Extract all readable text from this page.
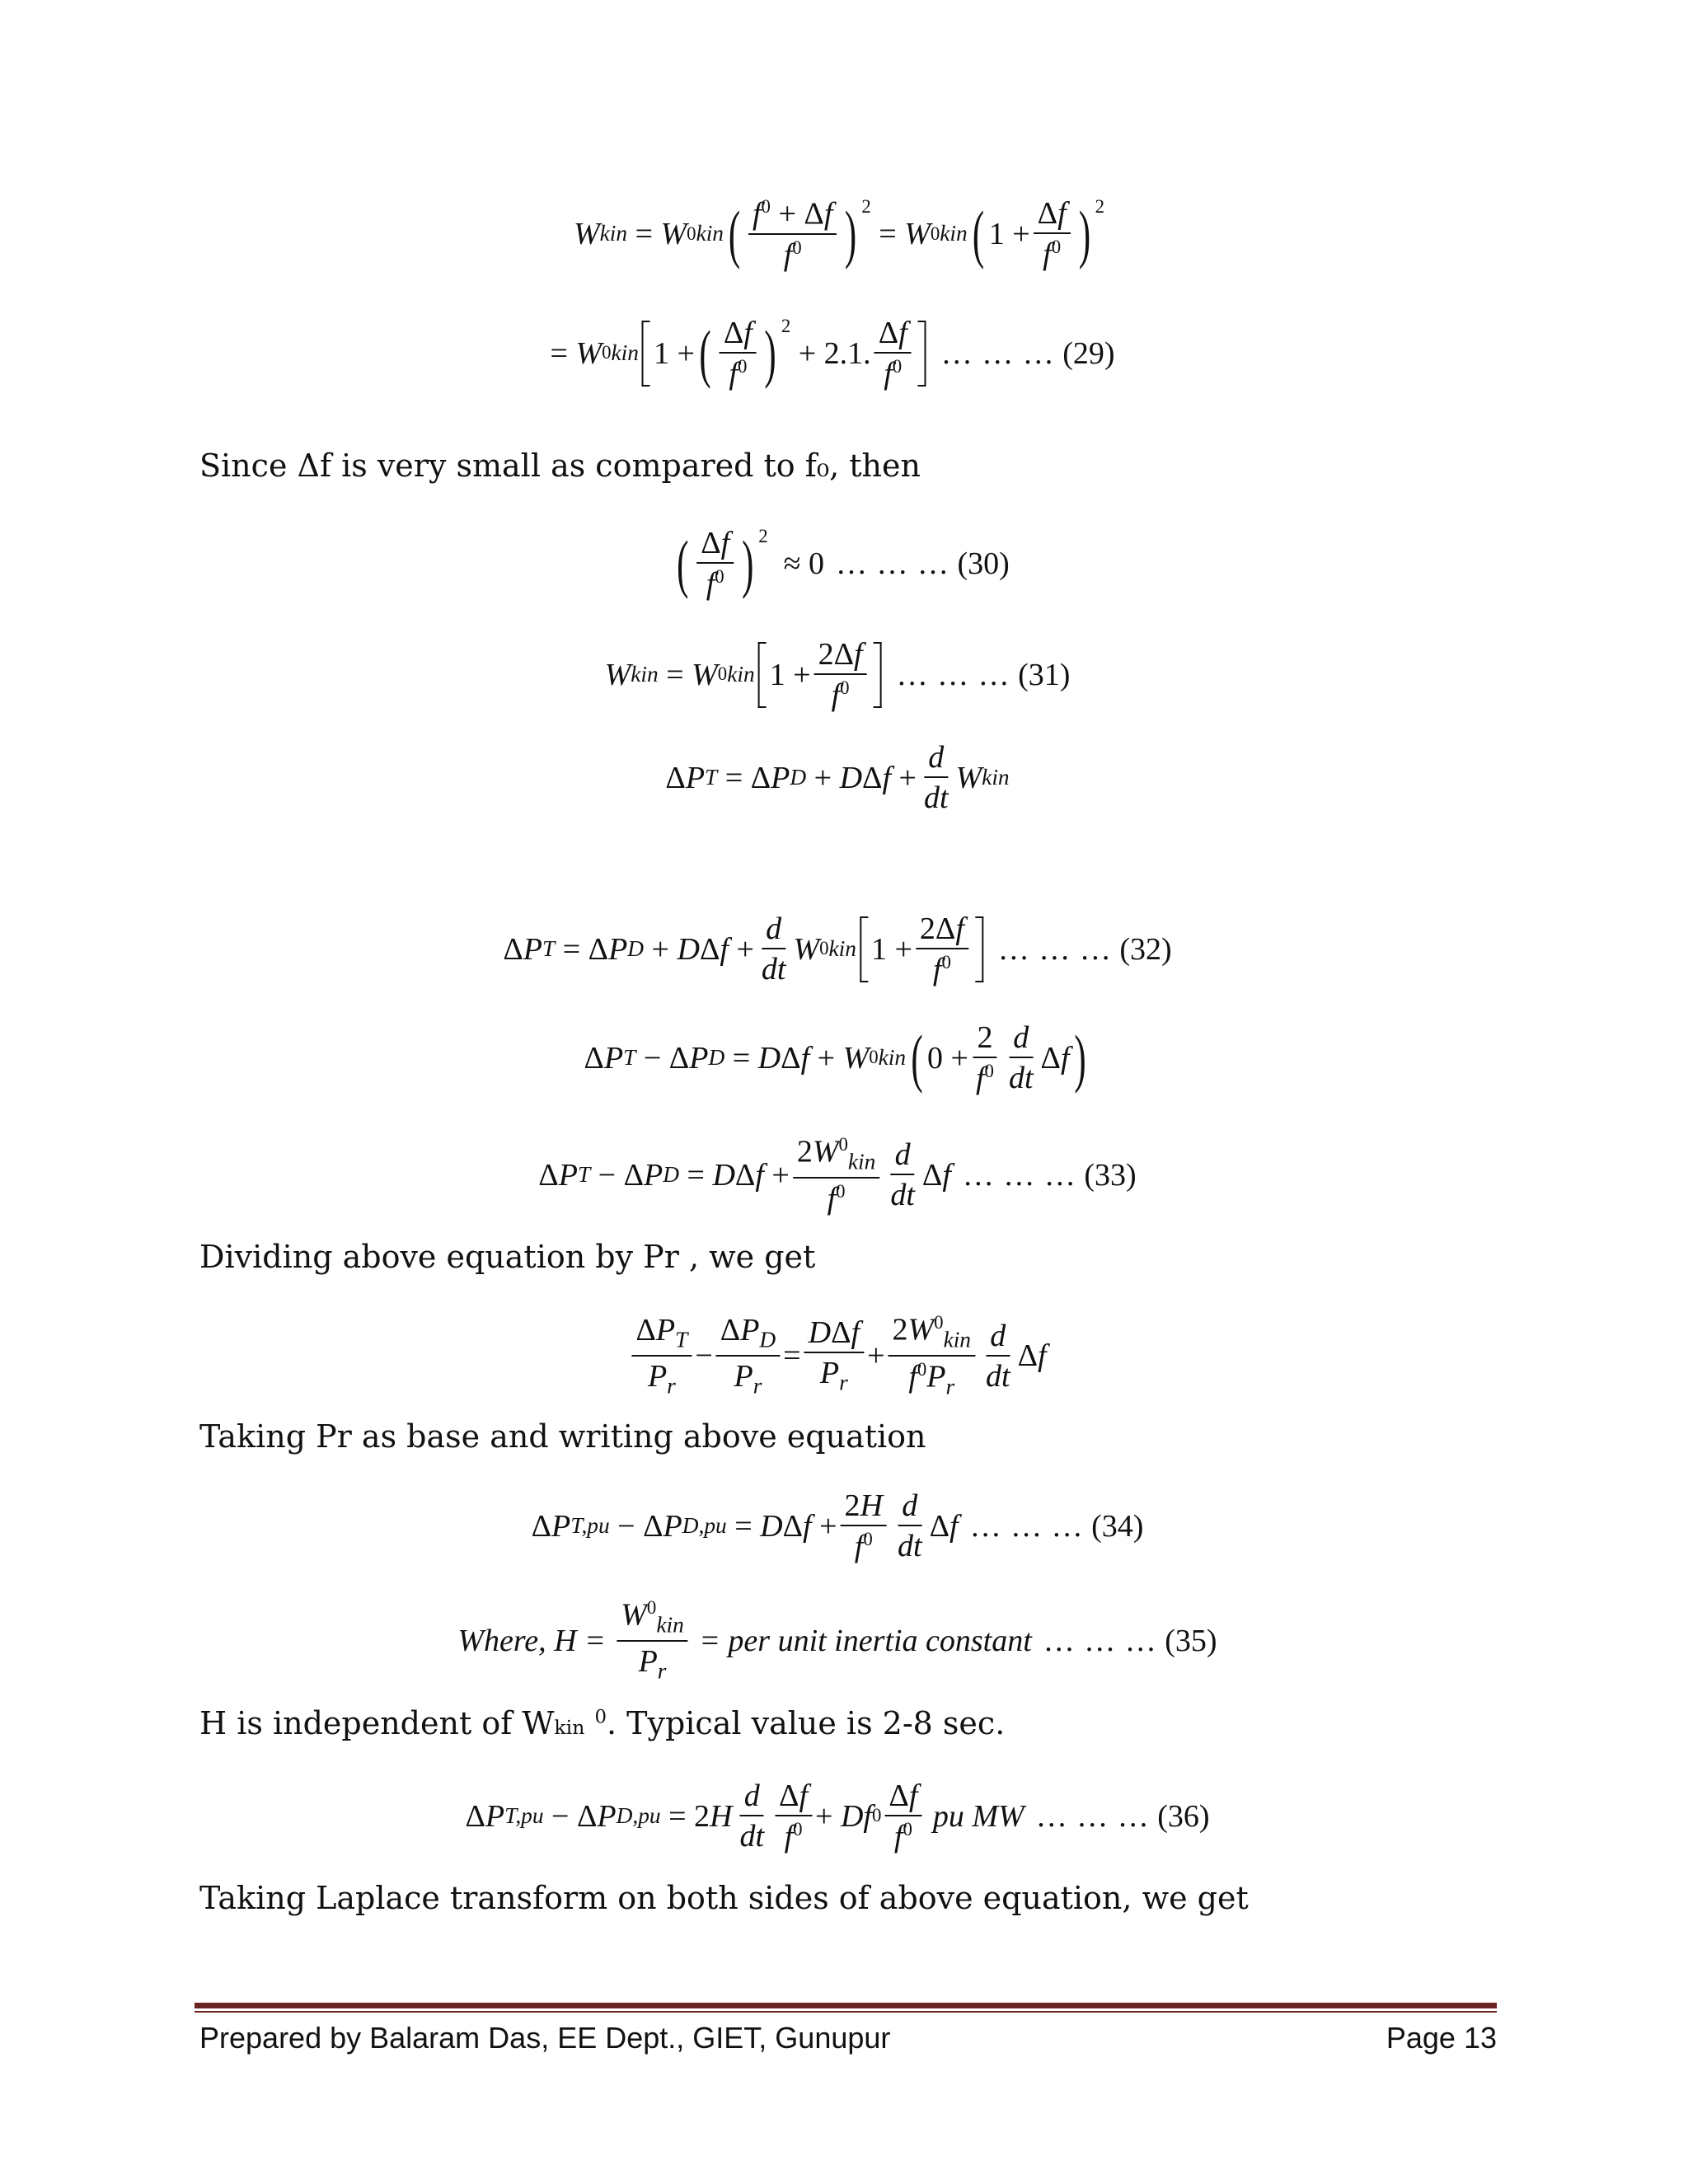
W kin = W 0 kin ( $\frac{f^0 + \Delta f}{f^0}$ ) $^2$
= W 0 kin ( $1 + \frac{\Delta f}{f^0}$ ) $^2$
= W 0 kin 1 + ( $\frac{\Delta f}{f^0}$ ) $^2$
+ 2.1. $\frac{\Delta f}{f^0}$ … … …
(29)
Since Δf is very small as compared to f₀, then
( $\frac{\Delta f}{f^0}$ ) $^2$
≈ 0 … … …
(30)
W kin = W 0 kin $1 + \frac{2\Delta f}{f^0}$ … … …
(31)
Δ P T = Δ P D + D Δ $f + \frac{d}{dt}$ W kin
Δ P T = Δ P D + D Δ $f + \frac{d}{dt}$ W 0 kin $1 + \frac{2\Delta f}{f^0}$ … … …
(32)
Δ P T − Δ P D = D Δ f + W 0 kin ( $0 + \frac{2}{f^0} \frac{d}{dt}$ Δ f )
Δ P T − Δ P D = D Δ $f + \frac{2W^0_{kin}}{f^0} \frac{d}{dt}$ Δ f … … …
(33)
Dividing above equation by Pr , we get
$\frac{\Delta P_T}{P_r} - \frac{\Delta P_D}{P_r} = \frac{\text{DΔf}}{P_r} + \frac{2W^0_{kin}}{f^0P_r} \frac{d}{dt}$ Δ f
Taking Pr as base and writing above equation
Δ P T,pu − Δ P D,pu = D Δ $f + \frac{2H}{f^0} \frac{d}{dt}$ Δ f … … …
(34)
Where, H =
$\frac{W^0_{kin}}{P_r}$
= per unit inertia constant … … …
(35)
H is independent of Wkin $^0$. Typical value is 2-8 sec.
Δ P T,pu − Δ P D,pu = 2 H $\frac{d}{dt} \frac{\Delta f}{f^0} + Df$ $0 \frac{\Delta f}{f^0}$
pu MW … … …
(36)
Taking Laplace transform on both sides of above equation, we get
Prepared by Balaram Das, EE Dept., GIET, Gunupur	Page 13
